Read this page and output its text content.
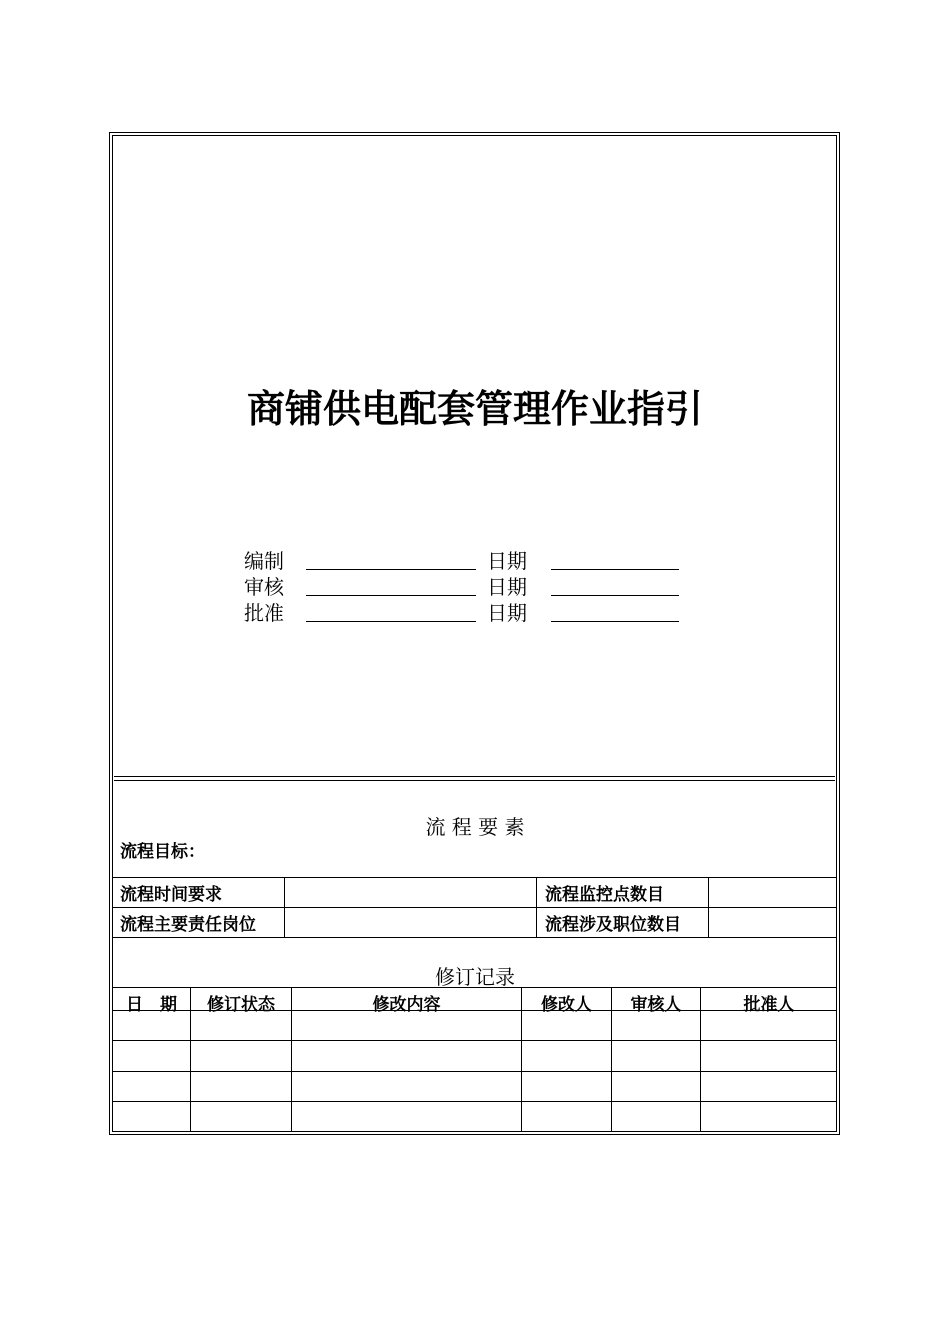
商铺供电配套管理作业指引
编制	日期
审核	日期
批准	日期
流 程 要 素
流程目标：
流程时间要求	流程监控点数目
流程主要责任岗位	流程涉及职位数目
修订记录
日　期	修订状态	修改内容	修改人	审核人	批准人
